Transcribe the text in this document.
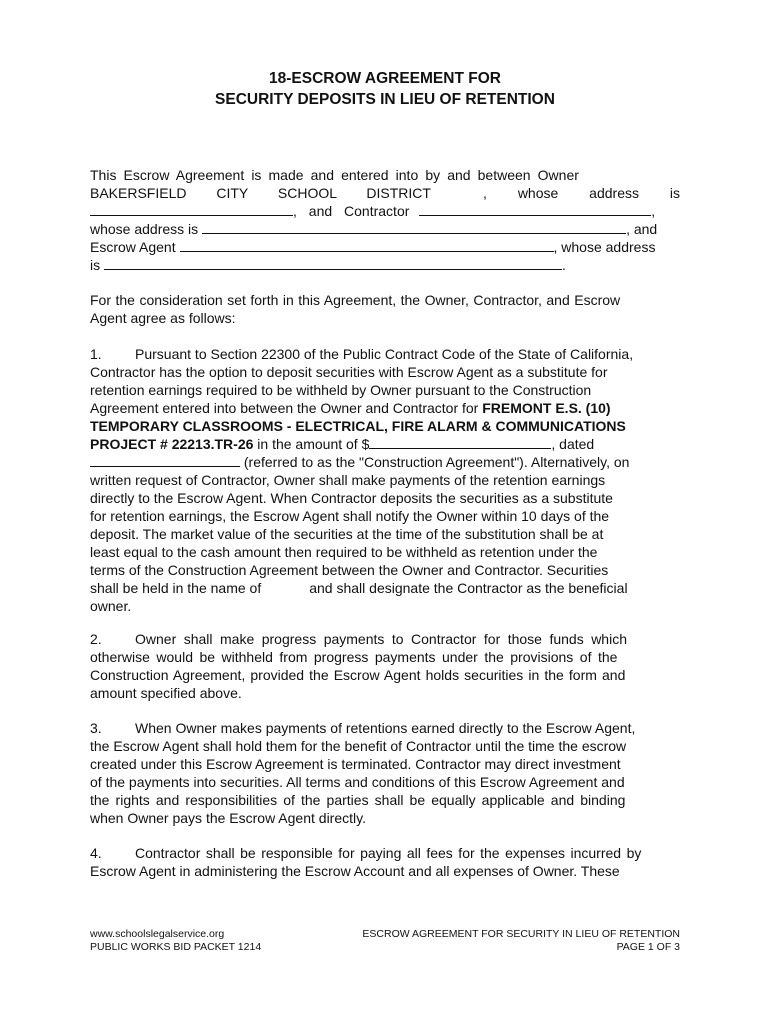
18-ESCROW AGREEMENT FOR
SECURITY DEPOSITS IN LIEU OF RETENTION
This Escrow Agreement is made and entered into by and between Owner
BAKERSFIELD CITY SCHOOL DISTRICT	, whose address is
, and Contractor	,
whose address is	, and
Escrow Agent	, whose address
is	.
For the consideration set forth in this Agreement, the Owner, Contractor, and Escrow
Agent agree as follows:
1. Pursuant to Section 22300 of the Public Contract Code of the State of California,
Contractor has the option to deposit securities with Escrow Agent as a substitute for
retention earnings required to be withheld by Owner pursuant to the Construction
Agreement entered into between the Owner and Contractor for FREMONT E.S. (10)
TEMPORARY CLASSROOMS - ELECTRICAL, FIRE ALARM & COMMUNICATIONS
PROJECT # 22213.TR-26 in the amount of $	, dated
(referred to as the "Construction Agreement"). Alternatively, on
written request of Contractor, Owner shall make payments of the retention earnings
directly to the Escrow Agent. When Contractor deposits the securities as a substitute
for retention earnings, the Escrow Agent shall notify the Owner within 10 days of the
deposit. The market value of the securities at the time of the substitution shall be at
least equal to the cash amount then required to be withheld as retention under the
terms of the Construction Agreement between the Owner and Contractor. Securities
shall be held in the name of	and shall designate the Contractor as the beneficial
owner.
2. Owner shall make progress payments to Contractor for those funds which
otherwise would be withheld from progress payments under the provisions of the
Construction Agreement, provided the Escrow Agent holds securities in the form and
amount specified above.
3. When Owner makes payments of retentions earned directly to the Escrow Agent,
the Escrow Agent shall hold them for the benefit of Contractor until the time the escrow
created under this Escrow Agreement is terminated. Contractor may direct investment
of the payments into securities. All terms and conditions of this Escrow Agreement and
the rights and responsibilities of the parties shall be equally applicable and binding
when Owner pays the Escrow Agent directly.
4. Contractor shall be responsible for paying all fees for the expenses incurred by
Escrow Agent in administering the Escrow Account and all expenses of Owner. These
www.schoolslegalservice.org
PUBLIC WORKS BID PACKET 1214
ESCROW AGREEMENT FOR SECURITY IN LIEU OF RETENTION
PAGE 1 OF 3
